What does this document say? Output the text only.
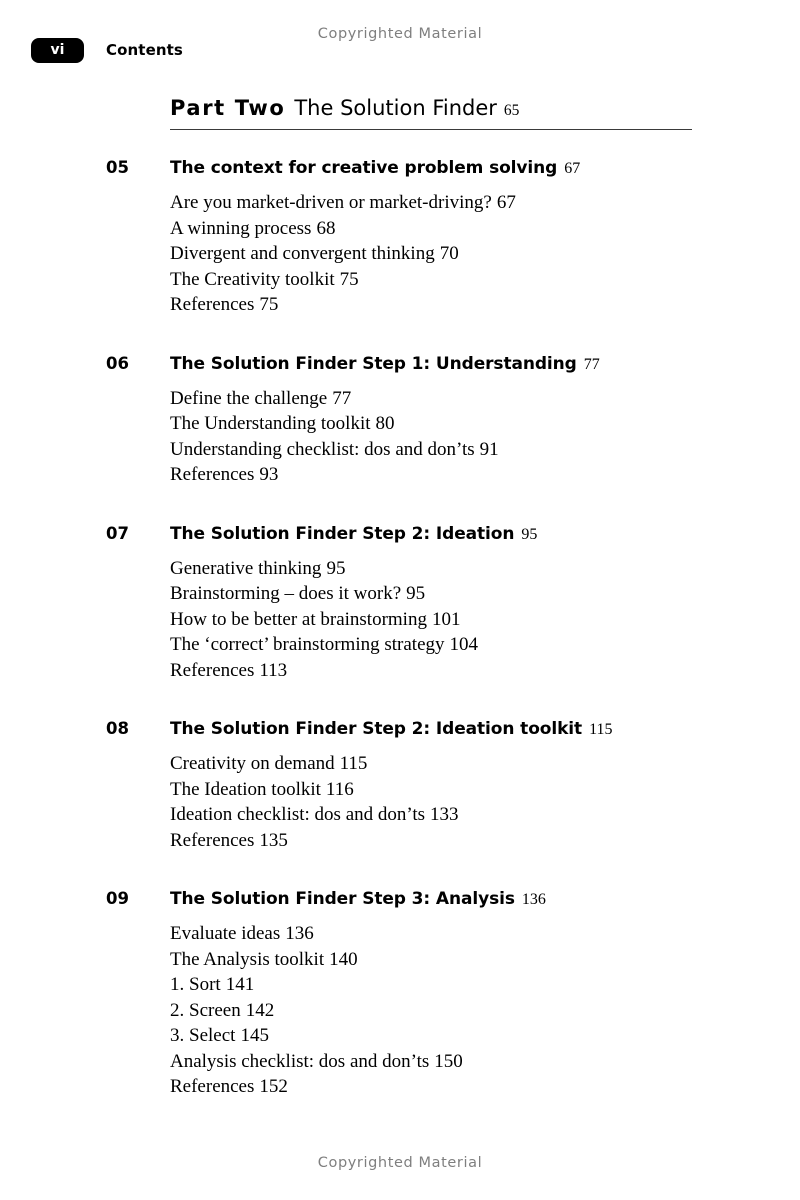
Copyrighted Material
vi	Contents
Part Two The Solution Finder 65
05 The context for creative problem solving 67
Are you market-driven or market-driving? 67
A winning process 68
Divergent and convergent thinking 70
The Creativity toolkit 75
References 75
06 The Solution Finder Step 1: Understanding 77
Define the challenge 77
The Understanding toolkit 80
Understanding checklist: dos and don’ts 91
References 93
07 The Solution Finder Step 2: Ideation 95
Generative thinking 95
Brainstorming – does it work? 95
How to be better at brainstorming 101
The ‘correct’ brainstorming strategy 104
References 113
08 The Solution Finder Step 2: Ideation toolkit 115
Creativity on demand 115
The Ideation toolkit 116
Ideation checklist: dos and don’ts 133
References 135
09 The Solution Finder Step 3: Analysis 136
Evaluate ideas 136
The Analysis toolkit 140
1. Sort 141
2. Screen 142
3. Select 145
Analysis checklist: dos and don’ts 150
References 152
Copyrighted Material
